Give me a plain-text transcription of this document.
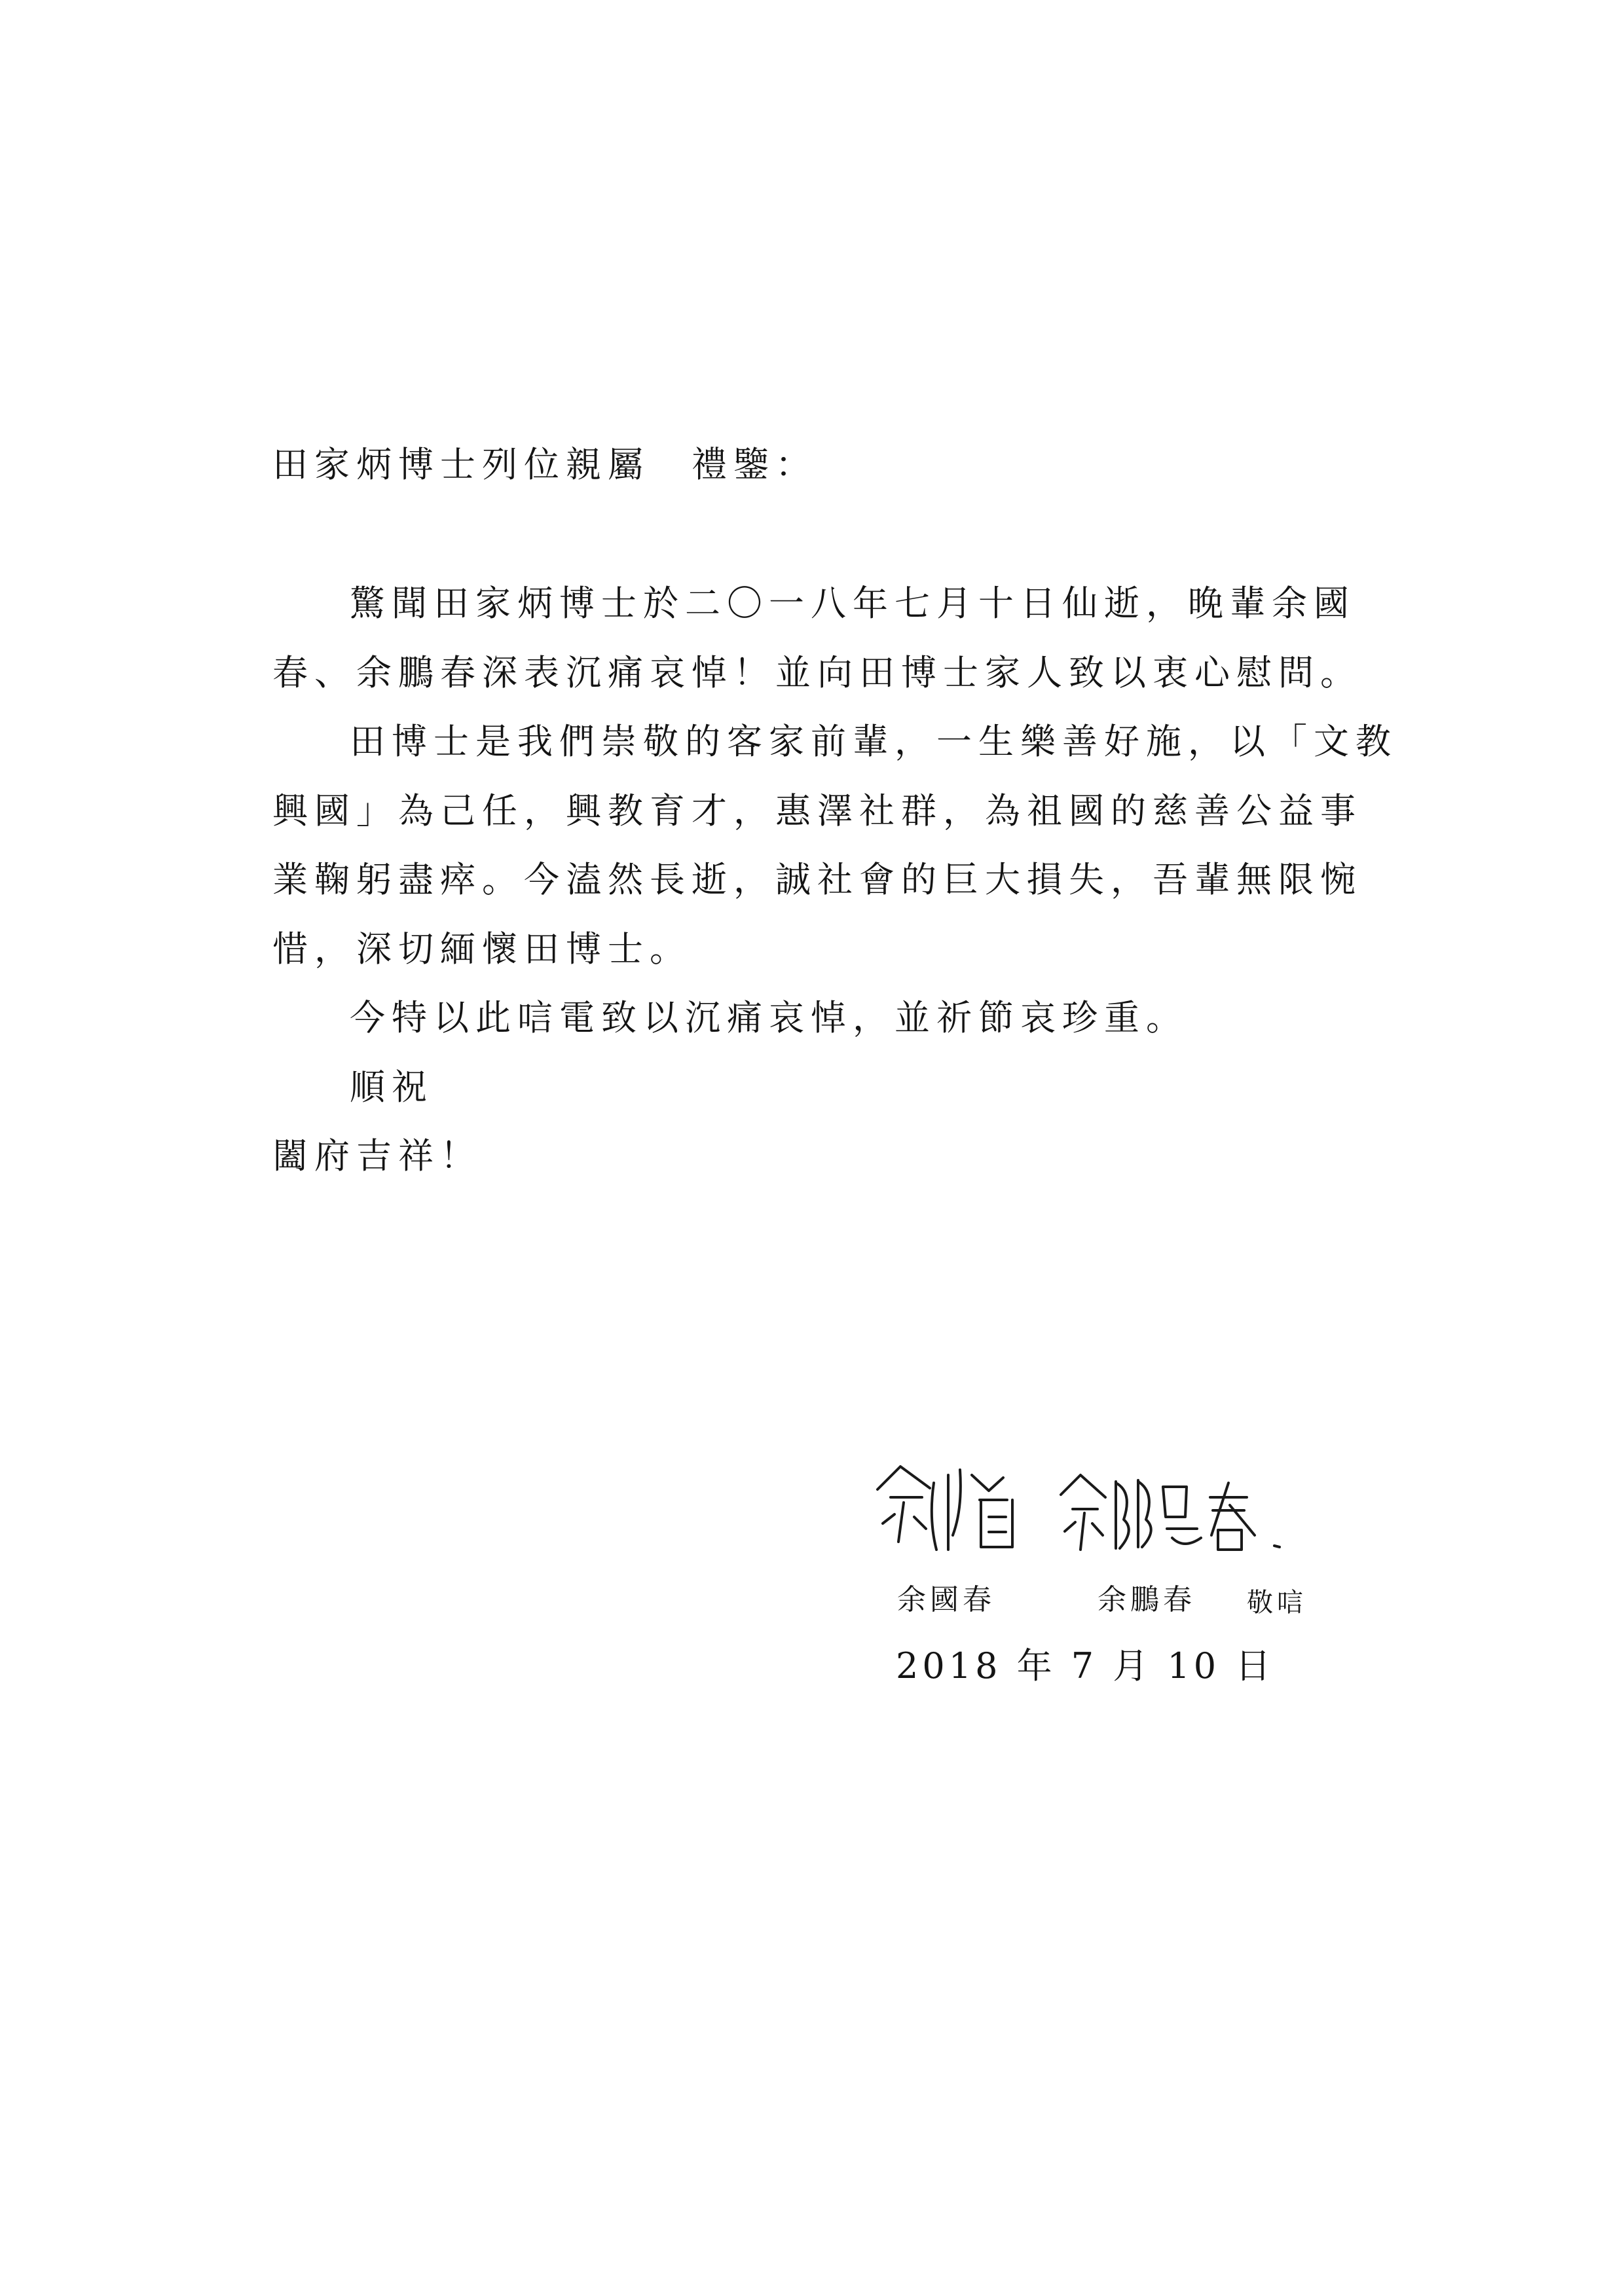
田家炳博士列位親屬　禮鑒：

驚聞田家炳博士於二〇一八年七月十日仙逝，晚輩余國春、余鵬春深表沉痛哀悼！並向田博士家人致以衷心慰問。

田博士是我們崇敬的客家前輩，一生樂善好施，以「文教興國」為己任，興教育才，惠澤社群，為祖國的慈善公益事業鞠躬盡瘁。今溘然長逝，誠社會的巨大損失，吾輩無限惋惜，深切緬懷田博士。

今特以此唁電致以沉痛哀悼，並祈節哀珍重。

順祝

闔府吉祥！

余國春	余鵬春 敬唁
2018 年 7 月 10 日
